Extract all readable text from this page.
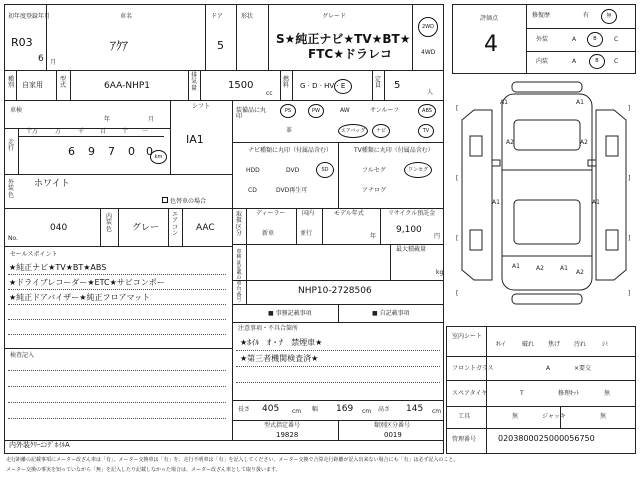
初年度登録年月
R03
6 月
車名
ｱｸｱ
ドア
5
形状	グレード
S★純正ナビ★TV★BT★
FTC★ドラレコ
2WD
4WD
種別 自家用
型式	6AA-NHP1
排気量	1500
cc
燃料 G · D · HV · E
定員 5
人
車検
年	月
走行
十万	万	千	百	十 一
6 9 7 0 0 km
シフト
IA1
外装色
ホワイト
色替車の場合
No.
040
内装色 グレー
エアコン
AAC
セールスポイント
★純正ナビ★TV★BT★ABS
★ドライブレコーダー★ETC★サビコンポー
★純正ドアバイザー★純正フロアマット
検査記入
内外装ｸﾘｰﾆﾝｸﾞﾎｲﾙA
装備品に丸印
PS	PW	AW	サンルーフ	ABS
革	エアバッグ ナビ	TV
ナビ種類に丸印（付属品含む）
HDD	DVD	SD
CD	DVD再生可
TV種類に丸印（付属品含む）
フルセグ	ワンセグ
アナログ
取扱区分
ディーラー	国内
新車	並行
モデル年式
年
リサイクル預託金
9,100
円
車検証記載の
最大積載量
kg
車台番号
NHP10-2728506
■ 事務記載事項	■ 自記載事項
注意事項・不具合箇所
★ﾎｲﾙ　ｵ・ﾅ　禁煙車★
★第三者機関検査済★
長さ 405 cm 幅 169 cm 高さ 145 cm
型式指定番号
19828
類別区分番号
0019
評価点
4
修復歴	有	無
外装	A	B	C
内装	A	B	C
[
[
[
[
]
]
]
]
A1	A1
A2	A2
A1	A1
A1	A2	A1
A2
室内シート
ｷﾚｲ	破れ 焦げ 汚れ	ｼﾐ
フロントガラス	A	×要交
スペアタイヤ	T	修理ｷｯﾄ	無
工具	無	ジャッキ	無
管理番号	0203800025000056750
走行距離の記載事項にメーター改ざん車は「有」。メーター交換車は「有」を、走行不明車は「有」を記入してください。メーター交換で合算走行距離が記入出来ない場合にも「有」は必ず記入のこと。
メーター交換の事実を知っていながら「無」を記入したり記載しなかった場合は、メーター改ざん車として取り扱います。
